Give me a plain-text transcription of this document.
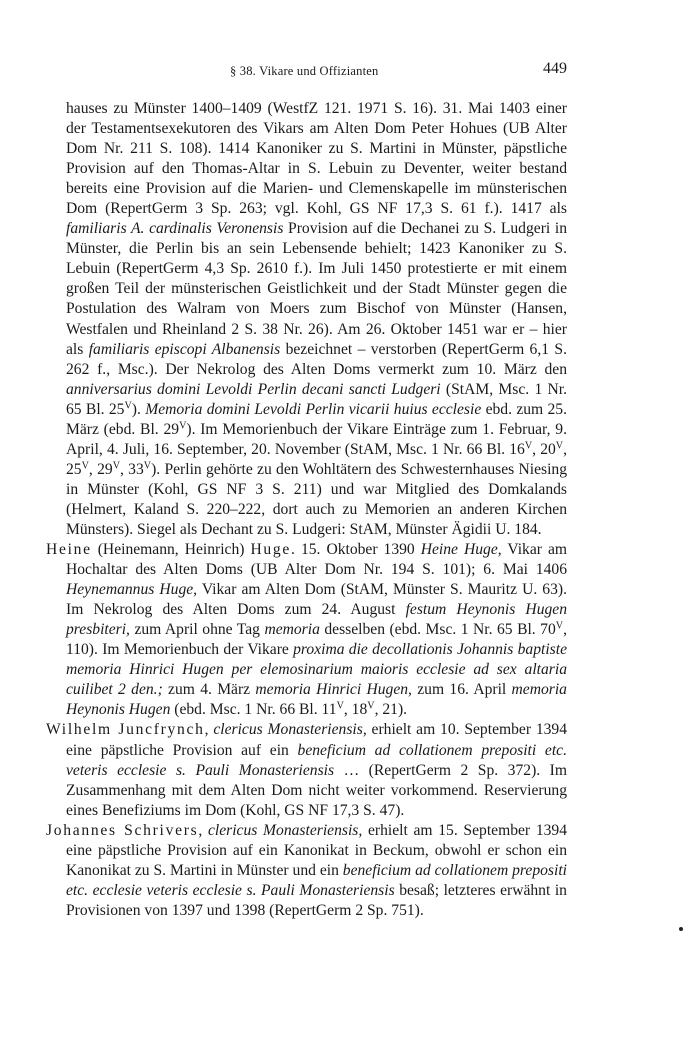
§ 38. Vikare und Offizianten	449

hauses zu Münster 1400–1409 (WestfZ 121. 1971 S. 16). 31. Mai 1403 einer der Testamentsexekutoren des Vikars am Alten Dom Peter Hohues (UB Alter Dom Nr. 211 S. 108). 1414 Kanoniker zu S. Martini in Münster, päpstliche Provision auf den Thomas-Altar in S. Lebuin zu Deventer, weiter bestand bereits eine Provision auf die Marien- und Clemenskapelle im münsterischen Dom (RepertGerm 3 Sp. 263; vgl. Kohl, GS NF 17,3 S. 61 f.). 1417 als familiaris A. cardinalis Veronensis Provision auf die Dechanei zu S. Ludgeri in Münster, die Perlin bis an sein Lebensende behielt; 1423 Kanoniker zu S. Lebuin (RepertGerm 4,3 Sp. 2610 f.). Im Juli 1450 protestierte er mit einem großen Teil der münsterischen Geistlichkeit und der Stadt Münster gegen die Postulation des Walram von Moers zum Bischof von Münster (Hansen, Westfalen und Rheinland 2 S. 38 Nr. 26). Am 26. Oktober 1451 war er – hier als familiaris episcopi Albanensis bezeichnet – verstorben (RepertGerm 6,1 S. 262 f., Msc.). Der Nekrolog des Alten Doms vermerkt zum 10. März den anniversarius domini Levoldi Perlin decani sancti Ludgeri (StAM, Msc. 1 Nr. 65 Bl. $25^V$). Memoria domini Levoldi Perlin vicarii huius ecclesie ebd. zum 25. März (ebd. Bl. $29^V$). Im Memorienbuch der Vikare Einträge zum 1. Februar, 9. April, 4. Juli, 16. September, 20. November (StAM, Msc. 1 Nr. 66 Bl. $16^V$, $20^V$, $25^V$, $29^V$, $33^V$). Perlin gehörte zu den Wohltätern des Schwesternhauses Niesing in Münster (Kohl, GS NF 3 S. 211) und war Mitglied des Domkalands (Helmert, Kaland S. 220–222, dort auch zu Memorien an anderen Kirchen Münsters). Siegel als Dechant zu S. Ludgeri: StAM, Münster Ägidii U. 184.

Heine (Heinemann, Heinrich) Huge. 15. Oktober 1390 Heine Huge, Vikar am Hochaltar des Alten Doms (UB Alter Dom Nr. 194 S. 101); 6. Mai 1406 Heynemannus Huge, Vikar am Alten Dom (StAM, Münster S. Mauritz U. 63). Im Nekrolog des Alten Doms zum 24. August festum Heynonis Hugen presbiteri, zum April ohne Tag memoria desselben (ebd. Msc. 1 Nr. 65 Bl. $70^V$, 110). Im Memorienbuch der Vikare proxima die decollationis Johannis baptiste memoria Hinrici Hugen per elemosinarium maioris ecclesie ad sex altaria cuilibet 2 den.; zum 4. März memoria Hinrici Hugen, zum 16. April memoria Heynonis Hugen (ebd. Msc. 1 Nr. 66 Bl. $11^V$, $18^V$, 21).

Wilhelm Juncfrynch, clericus Monasteriensis, erhielt am 10. September 1394 eine päpstliche Provision auf ein beneficium ad collationem prepositi etc. veteris ecclesie s. Pauli Monasteriensis … (RepertGerm 2 Sp. 372). Im Zusammenhang mit dem Alten Dom nicht weiter vorkommend. Reservierung eines Benefiziums im Dom (Kohl, GS NF 17,3 S. 47).

Johannes Schrivers, clericus Monasteriensis, erhielt am 15. September 1394 eine päpstliche Provision auf ein Kanonikat in Beckum, obwohl er schon ein Kanonikat zu S. Martini in Münster und ein beneficium ad collationem prepositi etc. ecclesie veteris ecclesie s. Pauli Monasteriensis besaß; letzteres erwähnt in Provisionen von 1397 und 1398 (RepertGerm 2 Sp. 751).
